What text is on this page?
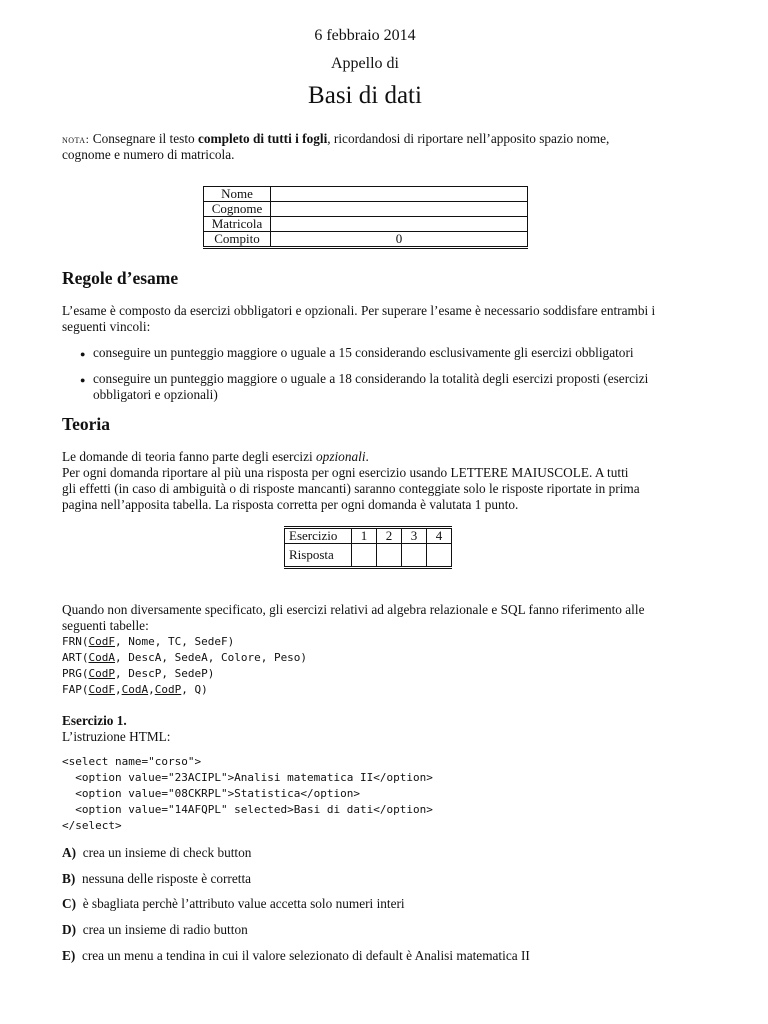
6 febbraio 2014
Appello di
Basi di dati
nota: Consegnare il testo completo di tutti i fogli, ricordandosi di riportare nell’apposito spazio nome,
cognome e numero di matricola.
Nome	
Cognome	
Matricola	
Compito	0
Regole d’esame
L’esame è composto da esercizi obbligatori e opzionali. Per superare l’esame è necessario soddisfare entrambi i
seguenti vincoli:
● conseguire un punteggio maggiore o uguale a 15 considerando esclusivamente gli esercizi obbligatori
● conseguire un punteggio maggiore o uguale a 18 considerando la totalità degli esercizi proposti (esercizi
obbligatori e opzionali)
Teoria
Le domande di teoria fanno parte degli esercizi opzionali.
Per ogni domanda riportare al più una risposta per ogni esercizio usando LETTERE MAIUSCOLE. A tutti
gli effetti (in caso di ambiguità o di risposte mancanti) saranno conteggiate solo le risposte riportate in prima
pagina nell’apposita tabella. La risposta corretta per ogni domanda è valutata 1 punto.
Esercizio	1	2	3	4
Risposta				
Quando non diversamente specificato, gli esercizi relativi ad algebra relazionale e SQL fanno riferimento alle
seguenti tabelle:
FRN(CodF, Nome, TC, SedeF)
ART(CodA, DescA, SedeA, Colore, Peso)
PRG(CodP, DescP, SedeP)
FAP(CodF,CodA,CodP, Q)
Esercizio 1.
L’istruzione HTML:
<select name="corso">
<option value="23ACIPL">Analisi matematica II</option>
<option value="08CKRPL">Statistica</option>
<option value="14AFQPL" selected>Basi di dati</option>
</select>
A) crea un insieme di check button
B) nessuna delle risposte è corretta
C) è sbagliata perchè l’attributo value accetta solo numeri interi
D) crea un insieme di radio button
E) crea un menu a tendina in cui il valore selezionato di default è Analisi matematica II
